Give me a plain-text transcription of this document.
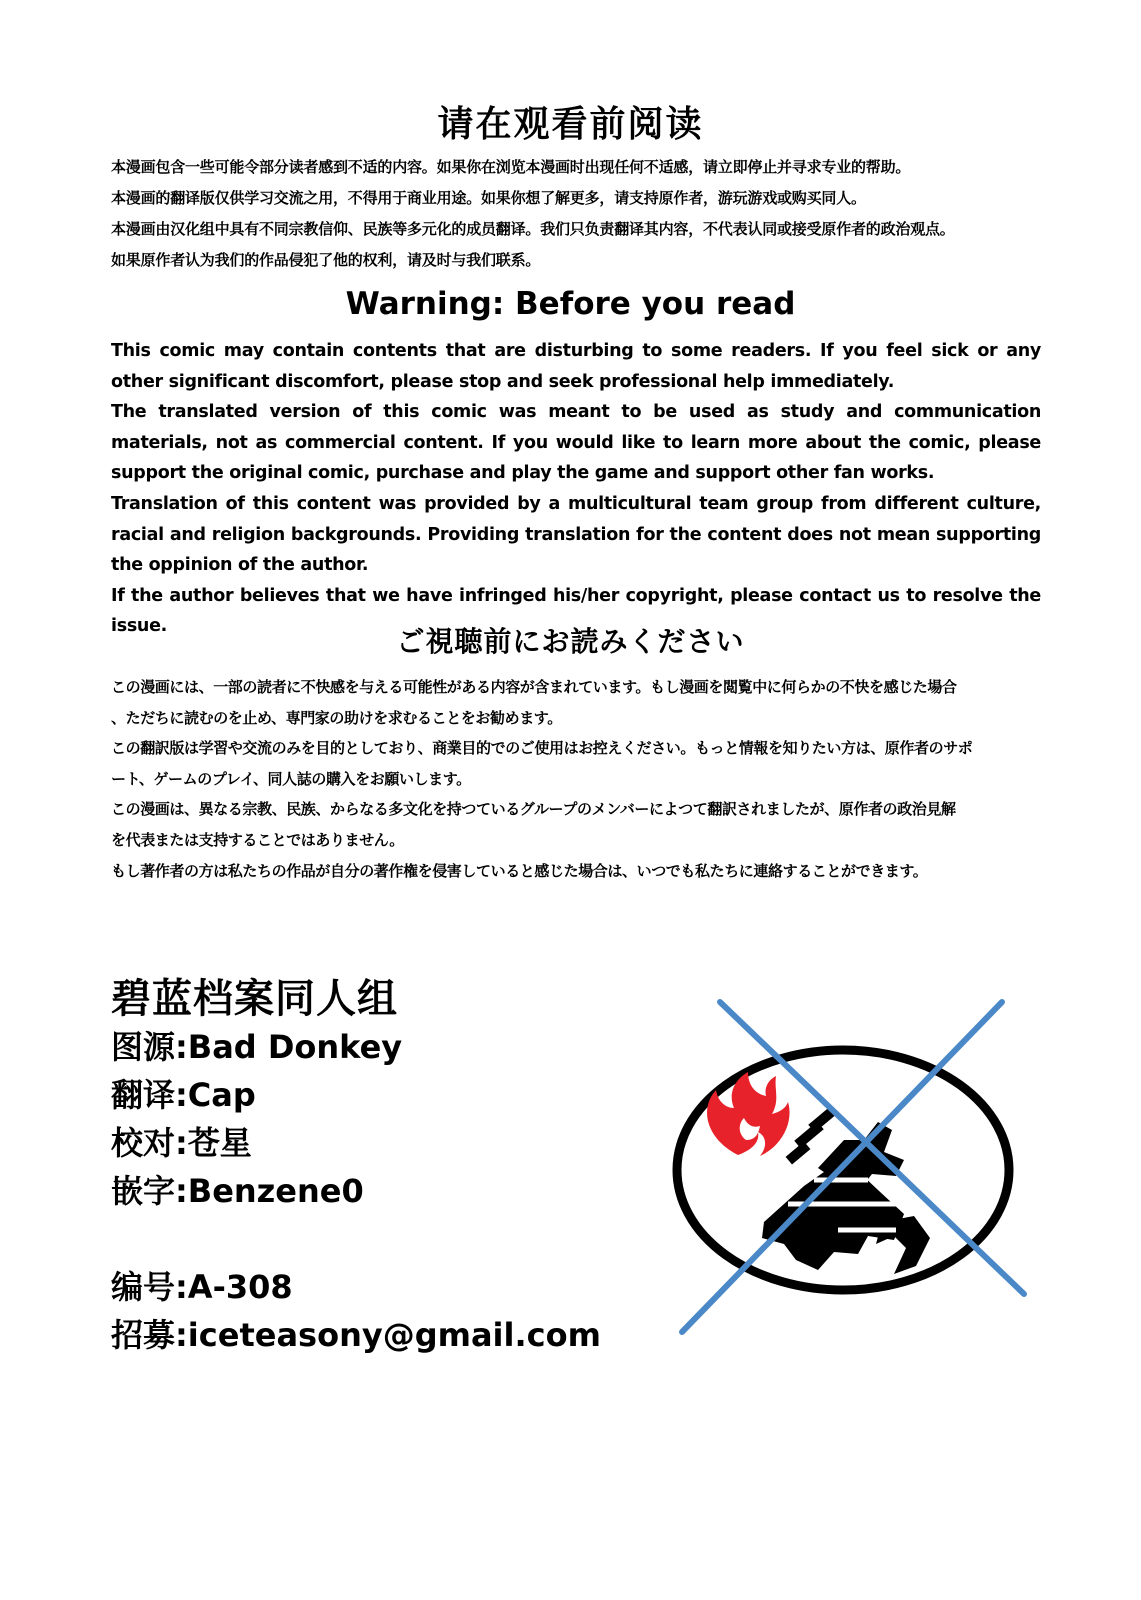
请在观看前阅读
本漫画包含一些可能令部分读者感到不适的内容。如果你在浏览本漫画时出现任何不适感，请立即停止并寻求专业的帮助。
本漫画的翻译版仅供学习交流之用，不得用于商业用途。如果你想了解更多，请支持原作者，游玩游戏或购买同人。
本漫画由汉化组中具有不同宗教信仰、民族等多元化的成员翻译。我们只负责翻译其内容，不代表认同或接受原作者的政治观点。
如果原作者认为我们的作品侵犯了他的权利，请及时与我们联系。
Warning: Before you read
This comic may contain contents that are disturbing to some readers. If you feel sick or any other significant discomfort, please stop and seek professional help immediately.
The translated version of this comic was meant to be used as study and communication materials, not as commercial content. If you would like to learn more about the comic, please support the original comic, purchase and play the game and support other fan works.
Translation of this content was provided by a multicultural team group from different culture, racial and religion backgrounds. Providing translation for the content does not mean supporting the oppinion of the author.
If the author believes that we have infringed his/her copyright, please contact us to resolve the issue.	ご視聴前にお読みください
この漫画には、一部の読者に不快感を与える可能性がある内容が含まれています。もし漫画を閲覧中に何らかの不快を感じた場合
、ただちに読むのを止め、専門家の助けを求むることをお勧めます。
この翻訳版は学習や交流のみを目的としており、商業目的でのご使用はお控えください。もっと情報を知りたい方は、原作者のサポ
ート、ゲームのプレイ、同人誌の購入をお願いします。
この漫画は、異なる宗教、民族、からなる多文化を持つているグループのメンバーによつて翻訳されましたが、原作者の政治見解
を代表または支持することではありません。
もし著作者の方は私たちの作品が自分の著作権を侵害していると感じた場合は、いつでも私たちに連絡することができます。
碧蓝档案同人组
图源:Bad Donkey
翻译:Cap
校对:苍星
嵌字:Benzene0
编号:A-308
招募:iceteasony@gmail.com
